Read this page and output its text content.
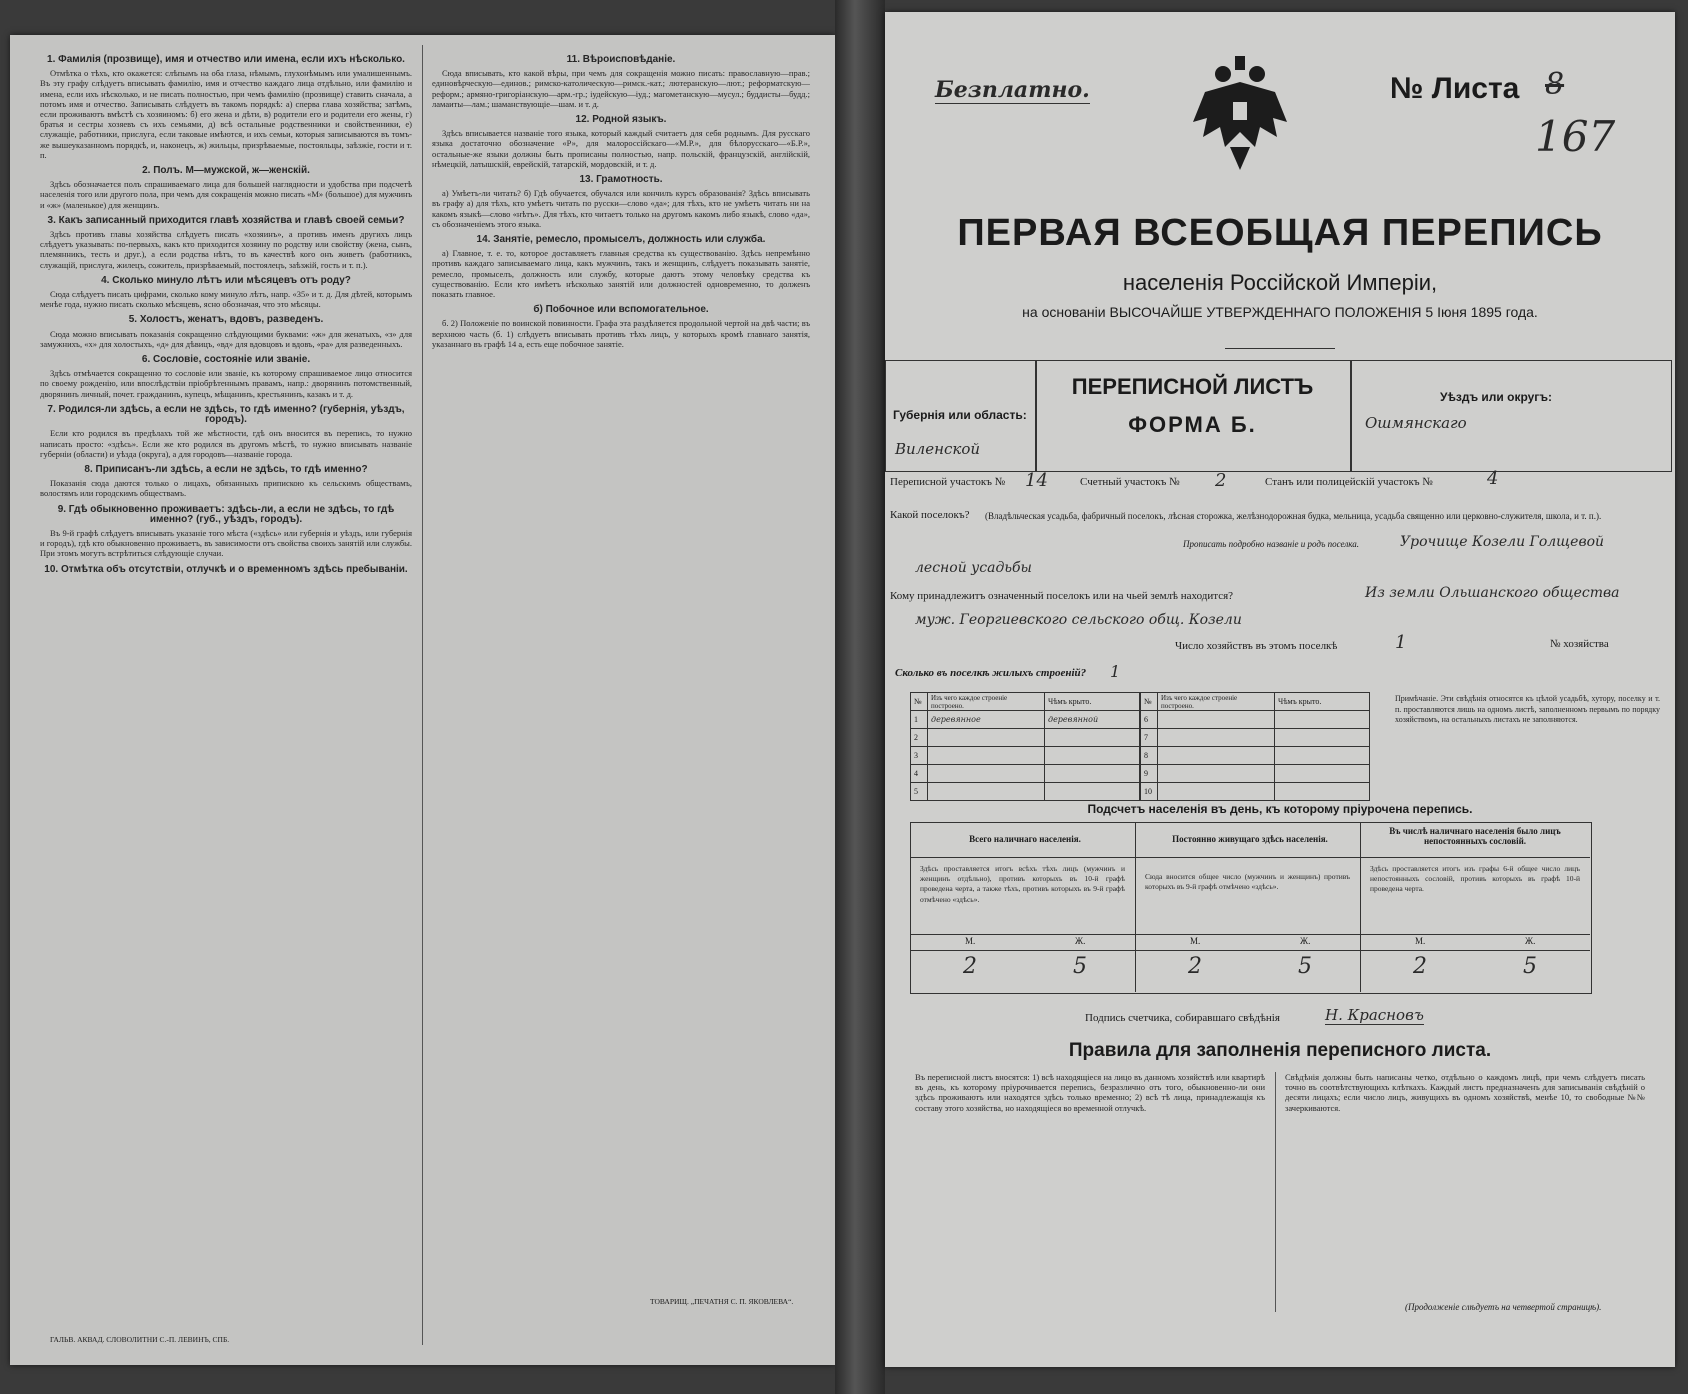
1. Фамилія (прозвище), имя и отчество или имена, если ихъ нѣсколько.

Отмѣтка о тѣхъ, кто окажется: слѣпымъ на оба глаза, нѣмымъ, глухонѣмымъ или умалишеннымъ. Въ эту графу слѣдуетъ вписывать фамилію, имя и отчество каждаго лица отдѣльно, или фамилію и имена, если ихъ нѣсколько, и не писать полностью, при чемъ фамилію (прозвище) ставить сначала, а потомъ имя и отчество. Записывать слѣдуетъ въ такомъ порядкѣ: а) сперва глава хозяйства; затѣмъ, если проживаютъ вмѣстѣ съ хозяиномъ: б) его жена и дѣти, в) родители его и родители его жены, г) братья и сестры хозяевъ съ ихъ семьями, д) всѣ остальные родственники и свойственники, е) служащіе, работники, прислуга, если таковые имѣются, и ихъ семьи, которыя записываются въ томъ-же вышеуказанномъ порядкѣ, и, наконецъ, ж) жильцы, призрѣваемые, постояльцы, заѣзжіе, гости и т. п.

2. Полъ. М—мужской, ж—женскій.

Здѣсь обозначается полъ спрашиваемаго лица для большей наглядности и удобства при подсчетѣ населенія того или другого пола, при чемъ для сокращенія можно писать «М» (большое) для мужчинъ и «ж» (маленькое) для женщинъ.

3. Какъ записанный приходится главѣ хозяйства и главѣ своей семьи?

Здѣсь противъ главы хозяйства слѣдуетъ писать «хозяинъ», а противъ именъ другихъ лицъ слѣдуетъ указывать: по-первыхъ, какъ кто приходится хозяину по родству или свойству (жена, сынъ, племянникъ, тесть и друг.), а если родства нѣтъ, то въ качествѣ кого онъ живетъ (работникъ, служащій, прислуга, жилецъ, сожитель, призрѣваемый, постоялецъ, заѣзжій, гость и т. п.).

4. Сколько минуло лѣтъ или мѣсяцевъ отъ роду?

Сюда слѣдуетъ писать цифрами, сколько кому минуло лѣтъ, напр. «35» и т. д. Для дѣтей, которымъ менѣе года, нужно писать сколько мѣсяцевъ, ясно обозначая, что это мѣсяцы.

5. Холостъ, женатъ, вдовъ, разведенъ.

Сюда можно вписывать показанія сокращенно слѣдующими буквами: «ж» для женатыхъ, «з» для замужнихъ, «х» для холостыхъ, «д» для дѣвицъ, «вд» для вдовцовъ и вдовъ, «ра» для разведенныхъ.

6. Сословіе, состояніе или званіе.

Здѣсь отмѣчается сокращенно то сословіе или званіе, къ которому спрашиваемое лицо относится по своему рожденію, или впослѣдствіи пріобрѣтеннымъ правамъ, напр.: дворянинъ потомственный, дворянинъ личный, почет. гражданинъ, купецъ, мѣщанинъ, крестьянинъ, казакъ и т. д.

7. Родился-ли здѣсь, а если не здѣсь, то гдѣ именно? (губернія, уѣздъ, городъ).

Если кто родился въ предѣлахъ той же мѣстности, гдѣ онъ вносится въ перепись, то нужно написать просто: «здѣсь». Если же кто родился въ другомъ мѣстѣ, то нужно вписывать названіе губерніи (области) и уѣзда (округа), а для городовъ—названіе города.

8. Приписанъ-ли здѣсь, а если не здѣсь, то гдѣ именно?

Показанія сюда даются только о лицахъ, обязанныхъ припискою къ сельскимъ обществамъ, волостямъ или городскимъ обществамъ.

9. Гдѣ обыкновенно проживаетъ: здѣсь-ли, а если не здѣсь, то гдѣ именно? (губ., уѣздъ, городъ).

Въ 9-й графѣ слѣдуетъ вписывать указаніе того мѣста («здѣсь» или губернія и уѣздъ, или губернія и городъ), гдѣ кто обыкновенно проживаетъ, въ зависимости отъ свойства своихъ занятій или службы. При этомъ могутъ встрѣтиться слѣдующіе случаи.

10. Отмѣтка объ отсутствіи, отлучкѣ и о временномъ здѣсь пребываніи.

11. Вѣроисповѣданіе.

Сюда вписывать, кто какой вѣры, при чемъ для сокращенія можно писать: православную—прав.; единовѣрческую—единов.; римско-католическую—римск.-кат.; лютеранскую—лют.; реформатскую—реформ.; армяно-григоріанскую—арм.-гр.; іудейскую—іуд.; магометанскую—мусул.; буддисты—будд.; ламаиты—лам.; шаманствующіе—шам. и т. д.

12. Родной языкъ.

Здѣсь вписывается названіе того языка, который каждый считаетъ для себя роднымъ. Для русскаго языка достаточно обозначение «Р», для малороссійскаго—«М.Р.», для бѣлорусскаго—«Б.Р.», остальные-же языки должны быть прописаны полностью, напр. польскій, французскій, англійскій, нѣмецкій, латышскій, еврейскій, татарскій, мордовскій, и т. д.

13. Грамотность.

а) Умѣетъ-ли читать? б) Гдѣ обучается, обучался или кончилъ курсъ образованія? Здѣсь вписывать въ графу а) для тѣхъ, кто умѣетъ читать по русски—слово «да»; для тѣхъ, кто не умѣетъ читать ни на какомъ языкѣ—слово «нѣтъ». Для тѣхъ, кто читаетъ только на другомъ какомъ либо языкѣ, слово «да», съ обозначеніемъ этого языка.

14. Занятіе, ремесло, промыселъ, должность или служба.

а) Главное, т. е. то, которое доставляетъ главныя средства къ существованію. Здѣсь непремѣнно противъ каждаго записываемаго лица, какъ мужчинъ, такъ и женщинъ, слѣдуетъ показывать занятіе, ремесло, промыселъ, должность или службу, которые даютъ этому человѣку средства къ существованію. Если кто имѣетъ нѣсколько занятій или должностей одновременно, то долженъ показать главное.

б) Побочное или вспомогательное.

б. 2) Положеніе по воинской повинности. Графа эта раздѣляется продольной чертой на двѣ части; въ верхнюю часть (б. 1) слѣдуетъ вписывать противъ тѣхъ лицъ, у которыхъ кромѣ главнаго занятія, указаннаго въ графѣ 14 а, есть еще побочное занятіе.

ГАЛЬВ. АКВАД. СЛОВОЛИТНИ С.-П. ЛЕВИНЪ, СПБ.
ТОВАРИЩ. „ПЕЧАТНЯ С. П. ЯКОВЛЕВА“.
Безплатно.	№ Листа 8
167
ПЕРВАЯ ВСЕОБЩАЯ ПЕРЕПИСЬ
населенія Россійской Имперіи,
на основаніи ВЫСОЧАЙШЕ УТВЕРЖДЕННАГО ПОЛОЖЕНІЯ 5 Іюня 1895 года.
Губернія или область:
Виленской
ПЕРЕПИСНОЙ ЛИСТЪ
ФОРМА Б.
Уѣздъ или округъ:
Ошмянскаго
Переписной участокъ № 14	Счетный участокъ № 2	Станъ или полицейскій участокъ №	4
Какой поселокъ? (Владѣльческая усадьба, фабричный поселокъ, лѣсная сторожка, желѣзнодорожная будка, мельница, усадьба священно или церковно-служителя, школа, и т. п.).
Прописать подробно названіе и родъ поселка.	Урочище Козели Голщевой
лесной усадьбы
Кому принадлежитъ означенный поселокъ или на чьей землѣ находится?	Из земли Ольшанского общества
муж. Георгиевского сельского общ. Козели
Число хозяйствъ въ этомъ поселкѣ	1	№ хозяйства
Сколько въ поселкѣ жилыхъ строеній? 1
№	Изъ чего каждое строеніе построено.	Чѣмъ крыто.
1	деревянное	деревянной
2		
3		
4		
5		
№	Изъ чего каждое строеніе построено.	Чѣмъ крыто.
6		
7		
8		
9		
10		
Примѣчаніе. Эти свѣдѣнія относятся къ цѣлой усадьбѣ, хутору, поселку и т. п. проставляются лишь на одномъ листѣ, заполненномъ первымъ по порядку хозяйствомъ, на остальныхъ листахъ не заполняются.
Подсчетъ населенія въ день, къ которому пріурочена перепись.
Всего наличнаго населенія.	Постоянно живущаго здѣсь населенія.
Въ числѣ наличнаго населенія было лицъ непостоянныхъ сословій.
Здѣсь проставляется итогъ всѣхъ тѣхъ лицъ (мужчинъ и женщинъ отдѣльно), противъ которыхъ въ 10-й графѣ проведена черта, а также тѣхъ, противъ которыхъ въ 9-й графѣ отмѣчено «здѣсь».
Сюда вносится общее число (мужчинъ и женщинъ) противъ которыхъ въ 9-й графѣ отмѣчено «здѣсь».
Здѣсь проставляется итогъ изъ графы 6-й общее число лицъ непостоянныхъ сословій, противъ которыхъ въ графѣ 10-й проведена черта.
М.	Ж.	М.	Ж.	М.	Ж.
2	5	2	5	2	5
Подпись счетчика, собиравшаго свѣдѣнія	Н. Красновъ
Правила для заполненія переписного листа.
Въ переписной листъ вносятся: 1) всѣ находящіеся на лицо въ данномъ хозяйствѣ или квартирѣ въ день, къ которому пріурочивается перепись, безразлично отъ того, обыкновенно-ли они здѣсь проживаютъ или находятся здѣсь только временно; 2) всѣ тѣ лица, принадлежащія къ составу этого хозяйства, но находящіеся во временной отлучкѣ.
Свѣдѣнія должны быть написаны четко, отдѣльно о каждомъ лицѣ, при чемъ слѣдуетъ писать точно въ соотвѣтствующихъ клѣткахъ. Каждый листъ предназначенъ для записыванія свѣдѣній о десяти лицахъ; если число лицъ, живущихъ въ одномъ хозяйствѣ, менѣе 10, то свободные №№ зачеркиваются.
(Продолженіе слѣдуетъ на четвертой страницѣ).
